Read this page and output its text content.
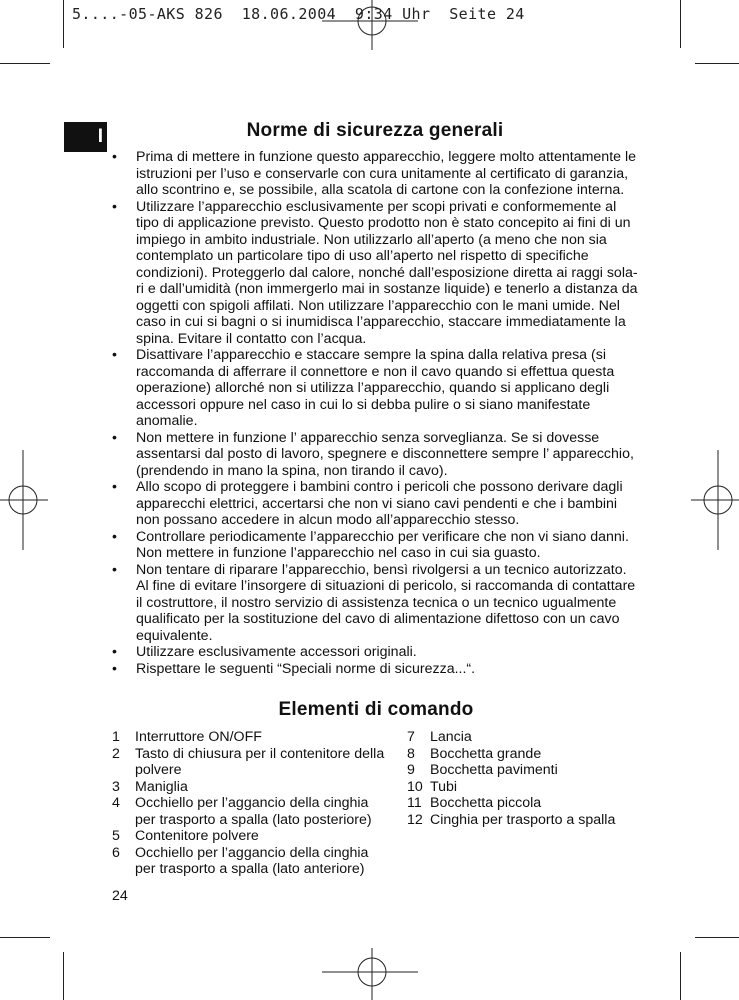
5....-05-AKS 826  18.06.2004  9:34 Uhr  Seite 24
I	Norme di sicurezza generali
• Prima di mettere in funzione questo apparecchio, leggere molto attentamente le istruzioni per l’uso e conservarle con cura unitamente al certificato di garanzia, allo scontrino e, se possibile, alla scatola di cartone con la confezione interna.
• Utilizzare l’apparecchio esclusivamente per scopi privati e conformemente al tipo di applicazione previsto. Questo prodotto non è stato concepito ai fini di un impiego in ambito industriale. Non utilizzarlo all’aperto (a meno che non sia contemplato un particolare tipo di uso all’aperto nel rispetto di specifiche condizioni). Proteggerlo dal calore, nonché dall’esposizione diretta ai raggi sola-ri e dall’umidità (non immergerlo mai in sostanze liquide) e tenerlo a distanza da oggetti con spigoli affilati. Non utilizzare l’apparecchio con le mani umide. Nel caso in cui si bagni o si inumidisca l’apparecchio, staccare immediatamente la spina. Evitare il contatto con l’acqua.
• Disattivare l’apparecchio e staccare sempre la spina dalla relativa presa (si raccomanda di afferrare il connettore e non il cavo quando si effettua questa operazione) allorché non si utilizza l’apparecchio, quando si applicano degli accessori oppure nel caso in cui lo si debba pulire o si siano manifestate anomalie.
• Non mettere in funzione l’ apparecchio senza sorveglianza. Se si dovesse assentarsi dal posto di lavoro, spegnere e disconnettere sempre l’ apparecchio, (prendendo in mano la spina, non tirando il cavo).
• Allo scopo di proteggere i bambini contro i pericoli che possono derivare dagli apparecchi elettrici, accertarsi che non vi siano cavi pendenti e che i bambini non possano accedere in alcun modo all’apparecchio stesso.
• Controllare periodicamente l’apparecchio per verificare che non vi siano danni. Non mettere in funzione l’apparecchio nel caso in cui sia guasto.
• Non tentare di riparare l’apparecchio, bensì rivolgersi a un tecnico autorizzato. Al fine di evitare l’insorgere di situazioni di pericolo, si raccomanda di contattare il costruttore, il nostro servizio di assistenza tecnica o un tecnico ugualmente qualificato per la sostituzione del cavo di alimentazione difettoso con un cavo equivalente.
• Utilizzare esclusivamente accessori originali.
• Rispettare le seguenti “Speciali norme di sicurezza...“.
Elementi di comando
1	Interruttore ON/OFF
2	Tasto di chiusura per il contenitore della polvere
3	Maniglia
4	Occhiello per l’aggancio della cinghia per trasporto a spalla (lato posteriore)
5	Contenitore polvere
6	Occhiello per l’aggancio della cinghia per trasporto a spalla (lato anteriore)
7	Lancia
8	Bocchetta grande
9	Bocchetta pavimenti
10 Tubi
11 Bocchetta piccola
12 Cinghia per trasporto a spalla
24
